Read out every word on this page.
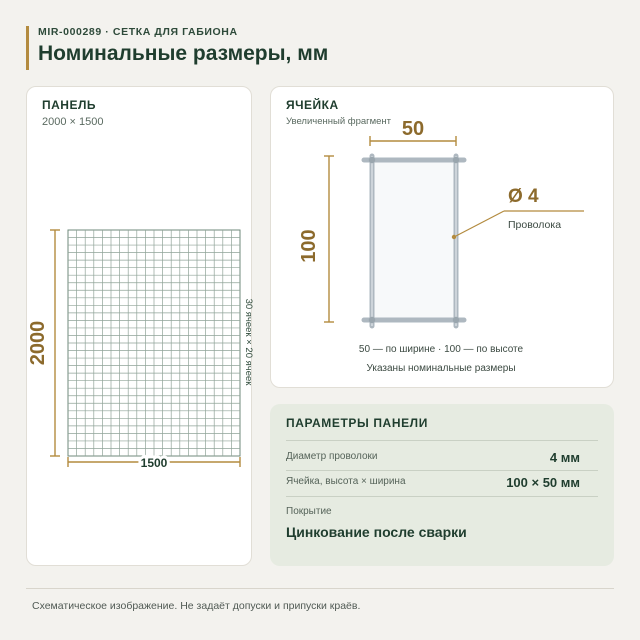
MIR-000289 · СЕТКА ДЛЯ ГАБИОНА
Номинальные размеры, мм
ПАНЕЛЬ
2000 × 1500
2000
1500
30 ячеек × 20 ячеек
ЯЧЕЙКА
Увеличенный фрагмент 50
100
Ø 4
Проволока
50 — по ширине · 100 — по высоте
Указаны номинальные размеры
ПАРАМЕТРЫ ПАНЕЛИ
Диаметр проволоки	4 мм
Ячейка, высота × ширина	100 × 50 мм
Покрытие
Цинкование после сварки
Схематическое изображение. Не задаёт допуски и припуски краёв.
